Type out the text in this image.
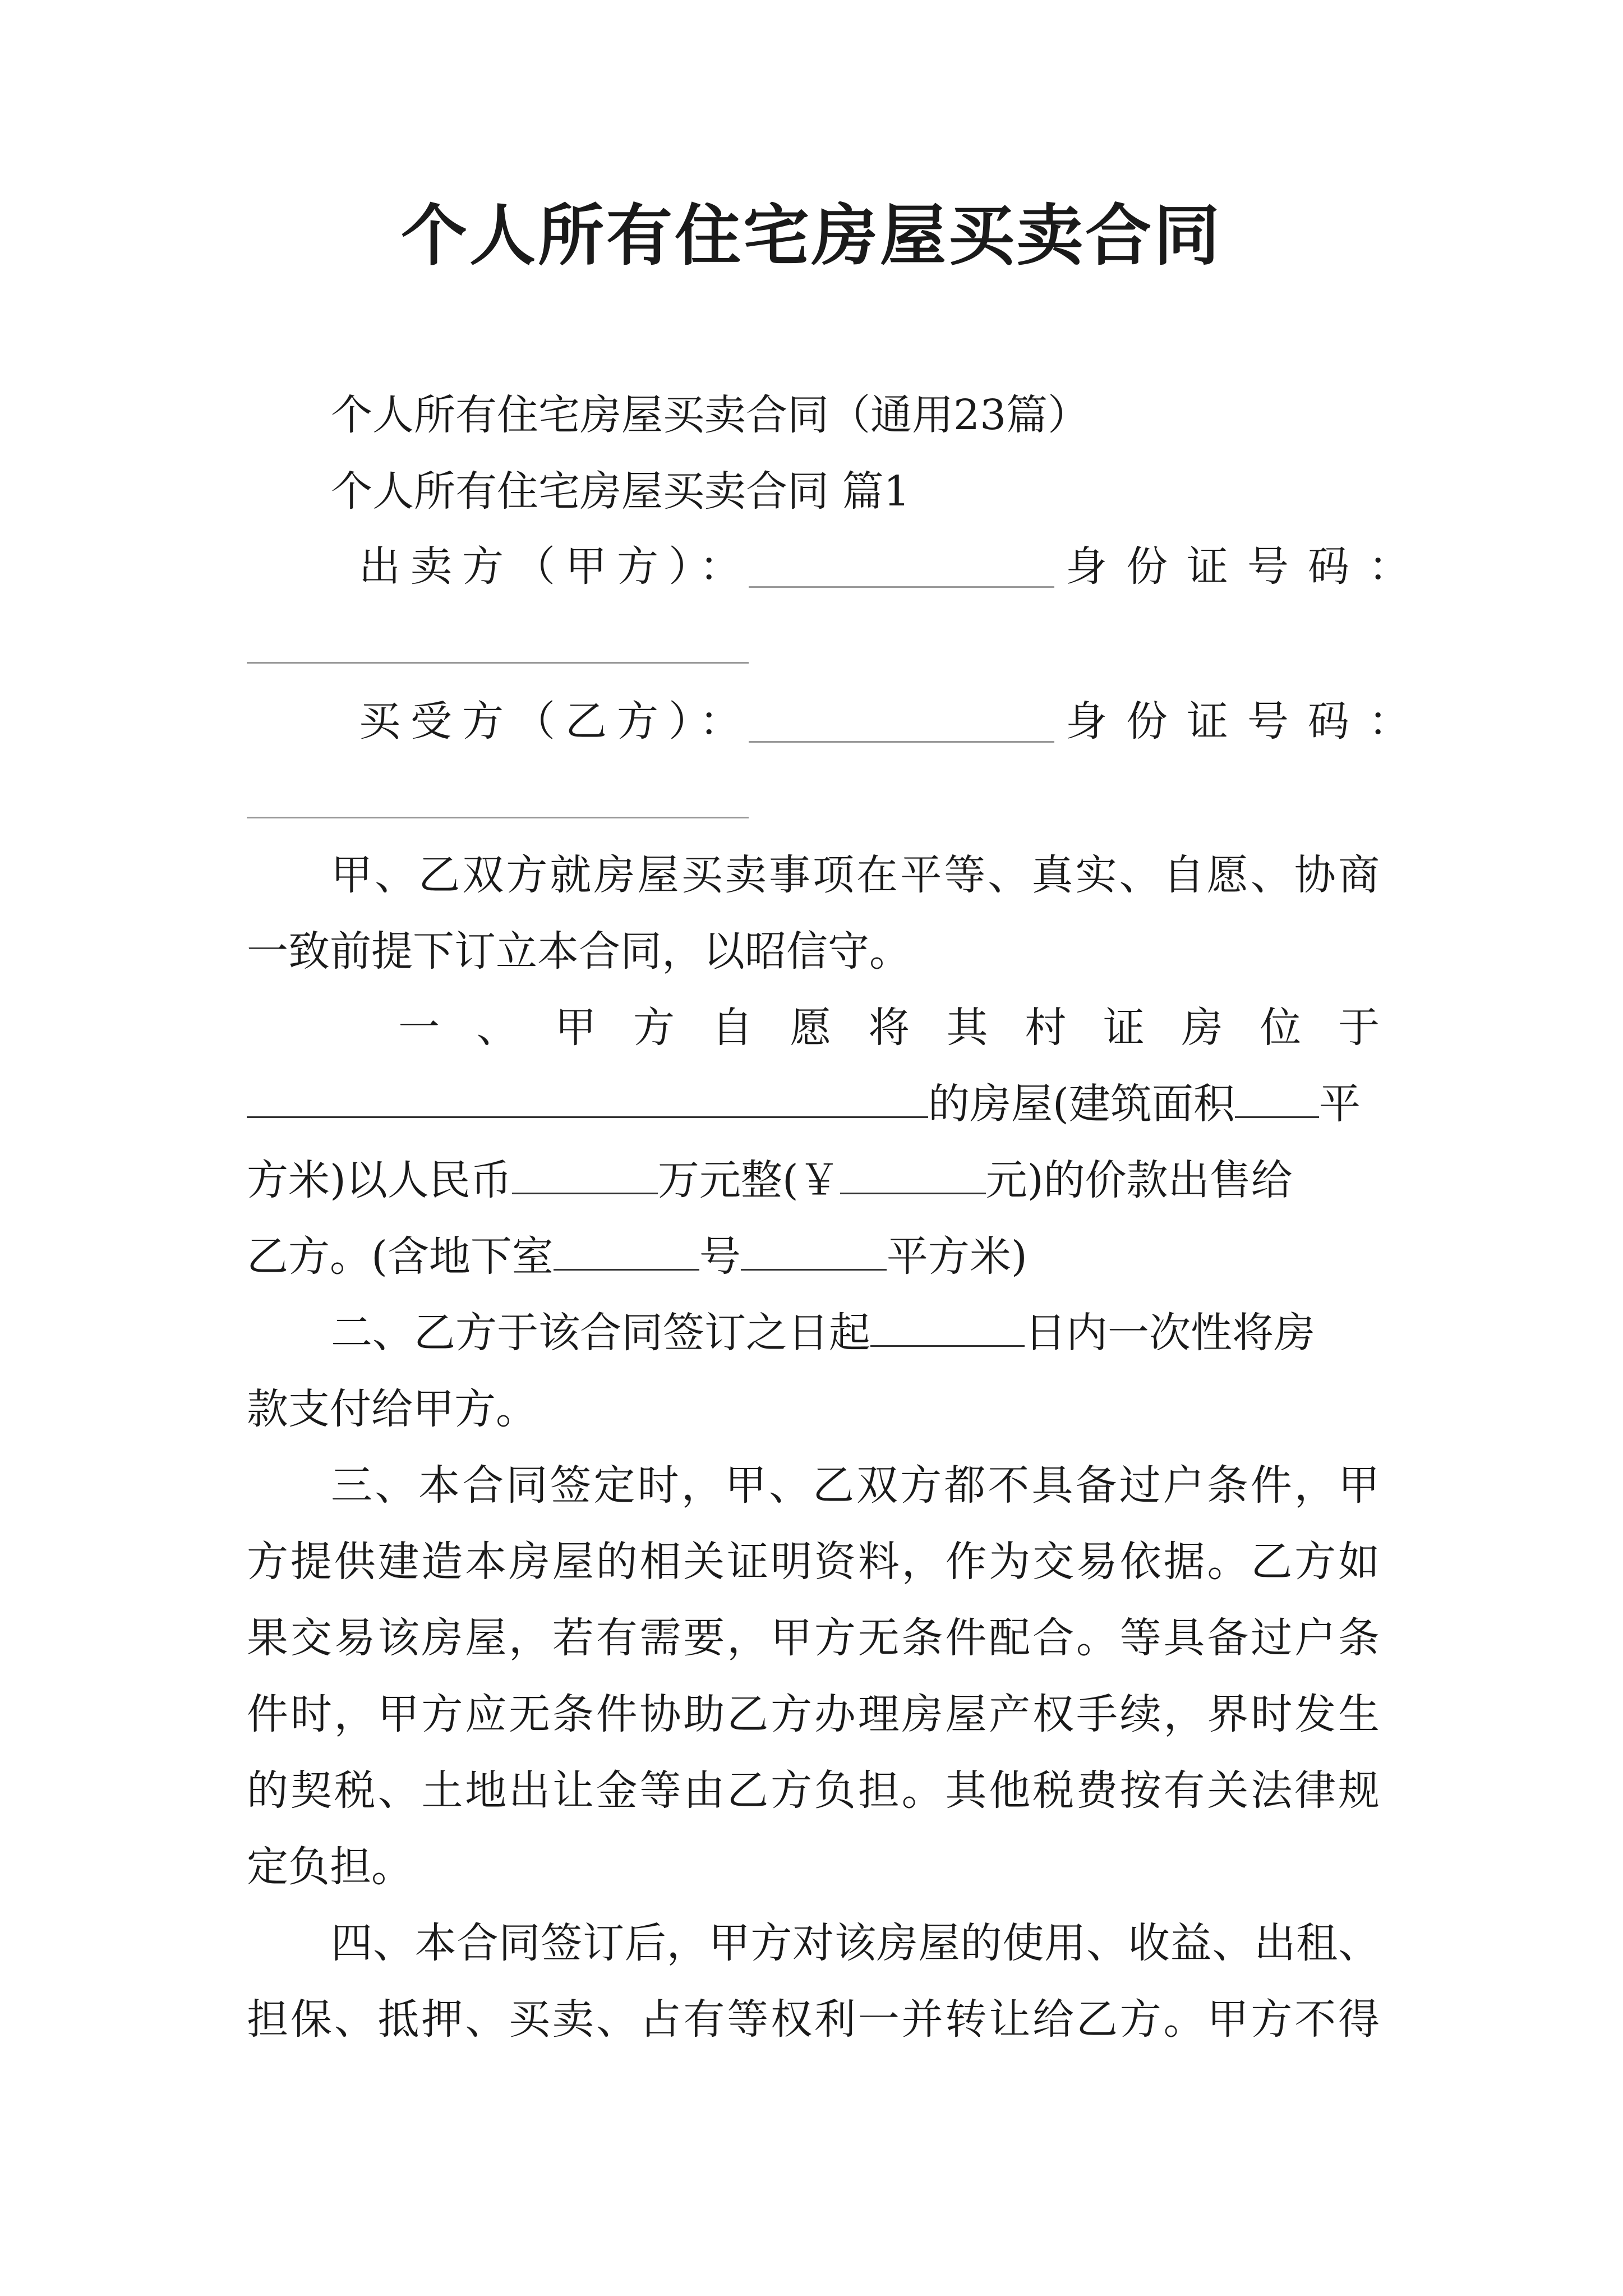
个人所有住宅房屋买卖合同
个人所有住宅房屋买卖合同（通用23篇）
个人所有住宅房屋买卖合同 篇1
出卖方（甲方）：	身份证号码：
买受方（乙方）：	身份证号码：
甲、乙双方就房屋买卖事项在平等、真实、自愿、协商
一致前提下订立本合同，以昭信守。
一、甲方自愿将其村证房位于
的房屋(建筑面积 平
方米)以人民币	万元整(￥	元)的价款出售给
乙方。(含地下室	号	平方米)
二、乙方于该合同签订之日起	日内一次性将房
款支付给甲方。
三、本合同签定时，甲、乙双方都不具备过户条件，甲
方提供建造本房屋的相关证明资料，作为交易依据。乙方如
果交易该房屋，若有需要，甲方无条件配合。等具备过户条
件时，甲方应无条件协助乙方办理房屋产权手续，界时发生
的契税、土地出让金等由乙方负担。其他税费按有关法律规
定负担。
四、本合同签订后，甲方对该房屋的使用、收益、出租、
担保、抵押、买卖、占有等权利一并转让给乙方。甲方不得
